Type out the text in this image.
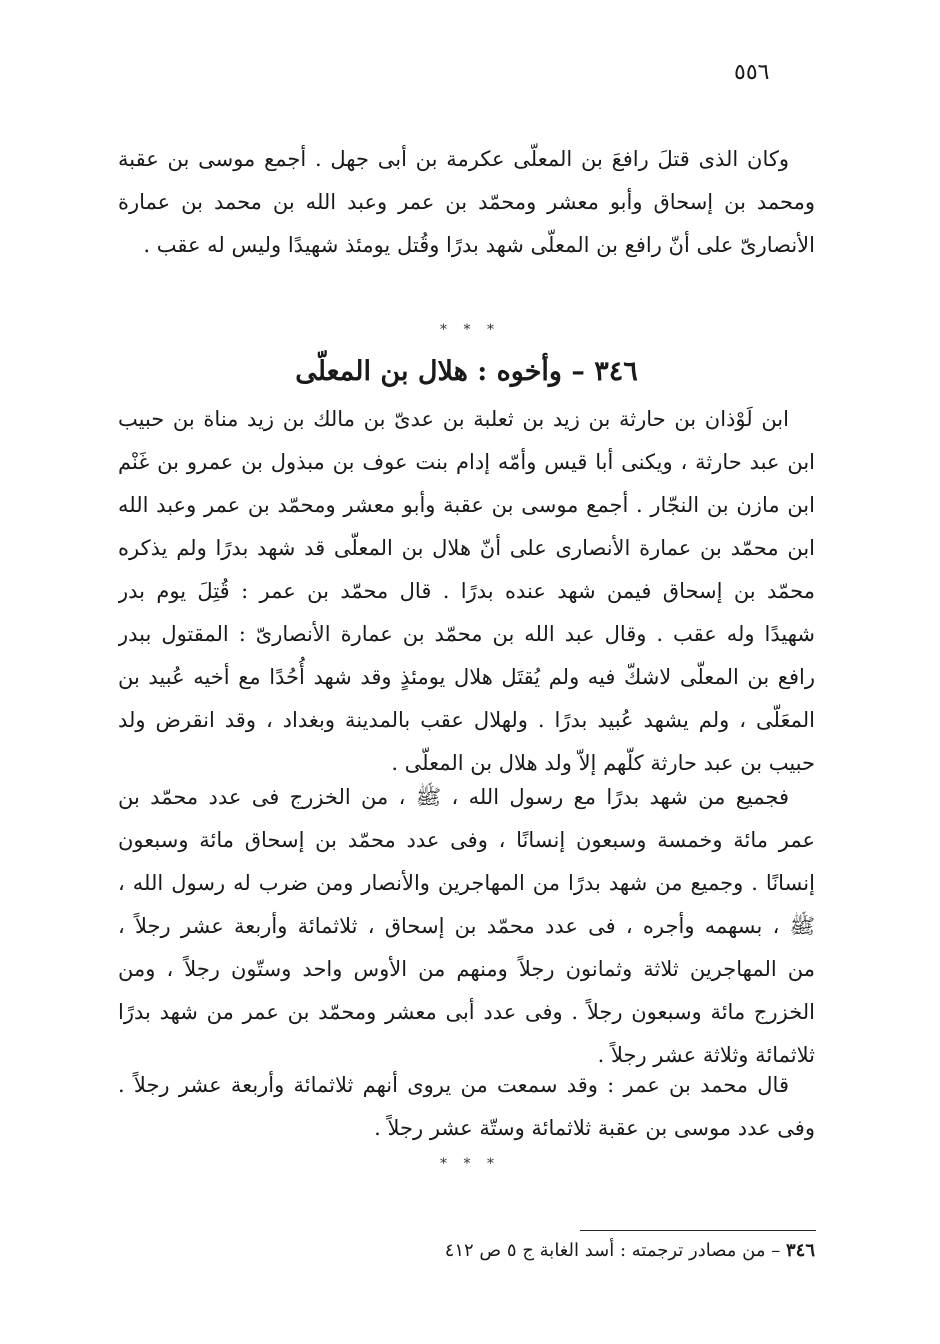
٥٥٦
وكان الذى قتلَ رافعَ بن المعلّى عكرمة بن أبى جهل . أجمع موسى بن عقبة
ومحمد بن إسحاق وأبو معشر ومحمّد بن عمر وعبد الله بن محمد بن عمارة
الأنصارىّ على أنّ رافع بن المعلّى شهد بدرًا وقُتل يومئذ شهيدًا وليس له عقب .
* * *
٣٤٦ – وأخوه : هلال بن المعلّى
ابن لَوْذان بن حارثة بن زيد بن ثعلبة بن عدىّ بن مالك بن زيد مناة بن حبيب
ابن عبد حارثة ، ويكنى أبا قيس وأمّه إدام بنت عوف بن مبذول بن عمرو بن غَنْم
ابن مازن بن النجّار . أجمع موسى بن عقبة وأبو معشر ومحمّد بن عمر وعبد الله
ابن محمّد بن عمارة الأنصارى على أنّ هلال بن المعلّى قد شهد بدرًا ولم يذكره
محمّد بن إسحاق فيمن شهد عنده بدرًا . قال محمّد بن عمر : قُتِلَ يوم بدر
شهيدًا وله عقب . وقال عبد الله بن محمّد بن عمارة الأنصارىّ : المقتول ببدر
رافع بن المعلّى لاشكّ فيه ولم يُقتَل هلال يومئذٍ وقد شهد أُحُدًا مع أخيه عُبيد بن
المعَلّى ، ولم يشهد عُبيد بدرًا . ولهلال عقب بالمدينة وبغداد ، وقد انقرض ولد
حبيب بن عبد حارثة كلّهم إلاّ ولد هلال بن المعلّى .
فجميع من شهد بدرًا مع رسول الله ، ﷺ ، من الخزرج فى عدد محمّد بن
عمر مائة وخمسة وسبعون إنسانًا ، وفى عدد محمّد بن إسحاق مائة وسبعون
إنسانًا . وجميع من شهد بدرًا من المهاجرين والأنصار ومن ضرب له رسول الله ،
ﷺ ، بسهمه وأجره ، فى عدد محمّد بن إسحاق ، ثلاثمائة وأربعة عشر رجلاً ،
من المهاجرين ثلاثة وثمانون رجلاً ومنهم من الأوس واحد وستّون رجلاً ، ومن
الخزرج مائة وسبعون رجلاً . وفى عدد أبى معشر ومحمّد بن عمر من شهد بدرًا
ثلاثمائة وثلاثة عشر رجلاً .
قال محمد بن عمر : وقد سمعت من يروى أنهم ثلاثمائة وأربعة عشر رجلاً .
وفى عدد موسى بن عقبة ثلاثمائة وستّة عشر رجلاً .
* * *
٣٤٦ – من مصادر ترجمته : أسد الغابة ج ٥ ص ٤١٢
